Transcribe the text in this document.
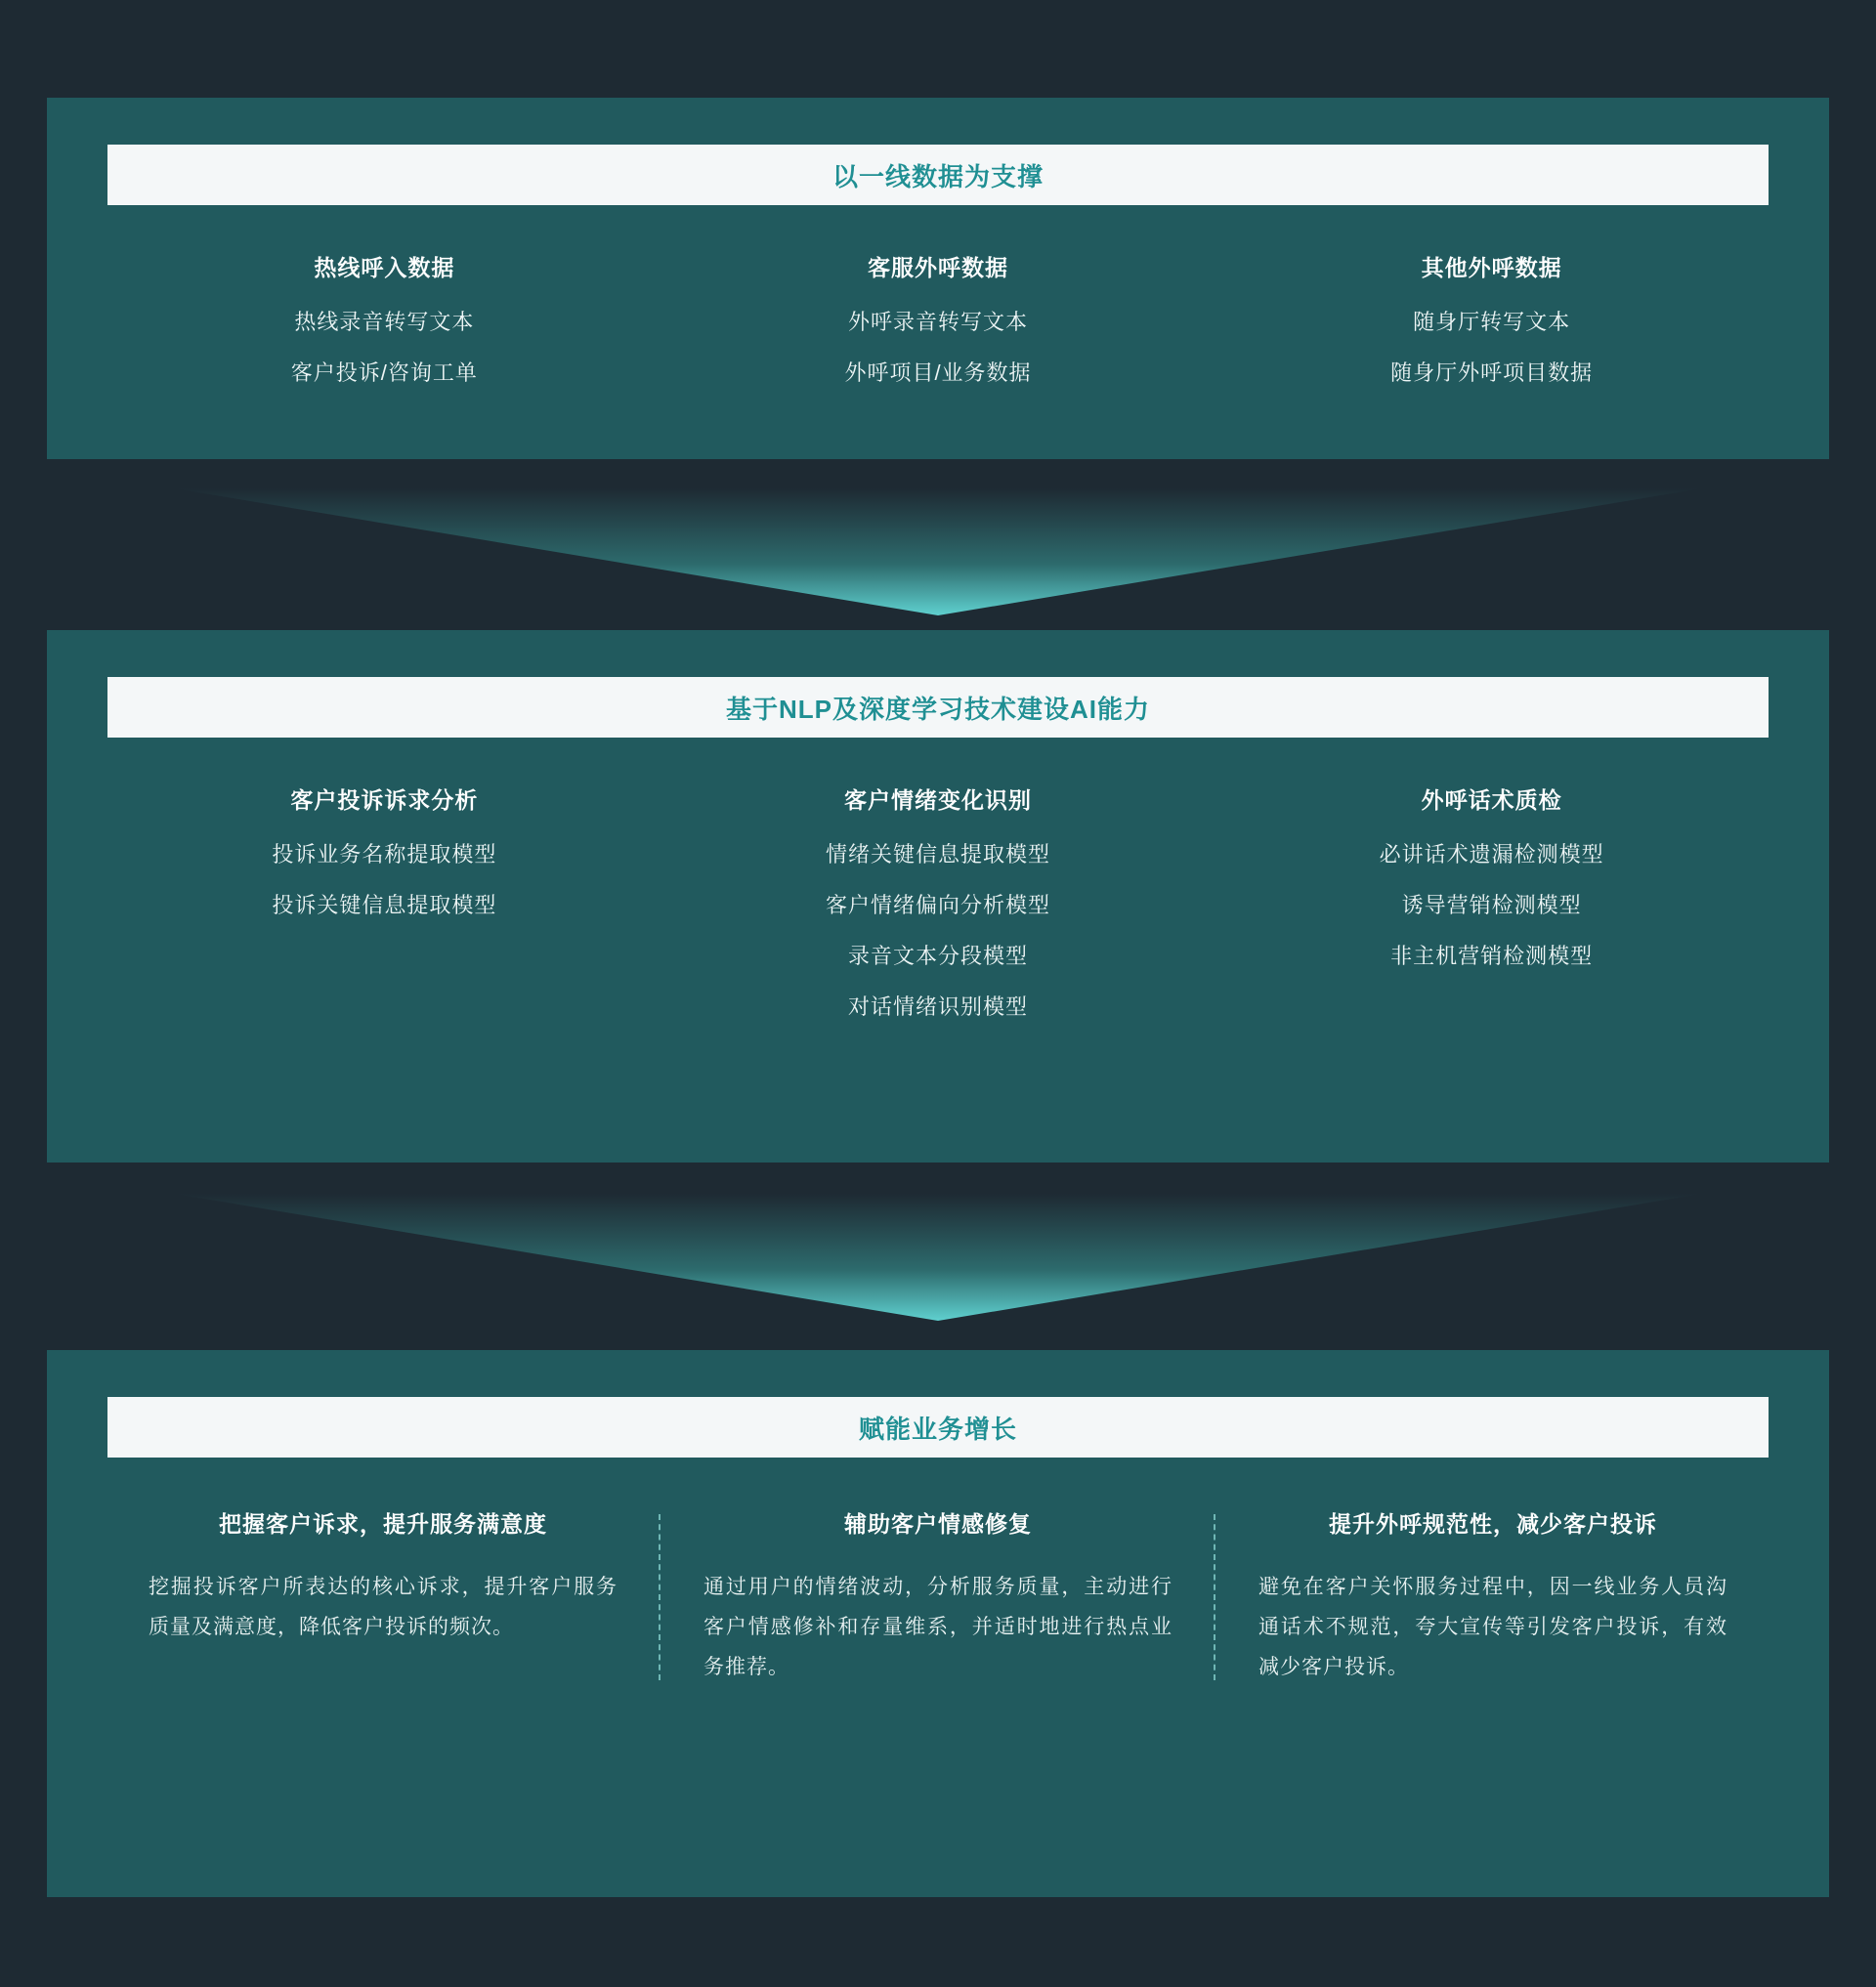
以一线数据为支撑
热线呼入数据
热线录音转写文本
客户投诉/咨询工单
客服外呼数据
外呼录音转写文本
外呼项目/业务数据
其他外呼数据
随身厅转写文本
随身厅外呼项目数据
基于NLP及深度学习技术建设AI能力
客户投诉诉求分析
投诉业务名称提取模型
投诉关键信息提取模型
客户情绪变化识别
情绪关键信息提取模型
客户情绪偏向分析模型
录音文本分段模型
对话情绪识别模型
外呼话术质检
必讲话术遗漏检测模型
诱导营销检测模型
非主机营销检测模型
赋能业务增长
把握客户诉求，提升服务满意度
挖掘投诉客户所表达的核心诉求，提升客户服务质量及满意度，降低客户投诉的频次。
辅助客户情感修复
通过用户的情绪波动，分析服务质量，主动进行客户情感修补和存量维系，并适时地进行热点业务推荐。
提升外呼规范性，减少客户投诉
避免在客户关怀服务过程中，因一线业务人员沟通话术不规范，夸大宣传等引发客户投诉，有效减少客户投诉。
